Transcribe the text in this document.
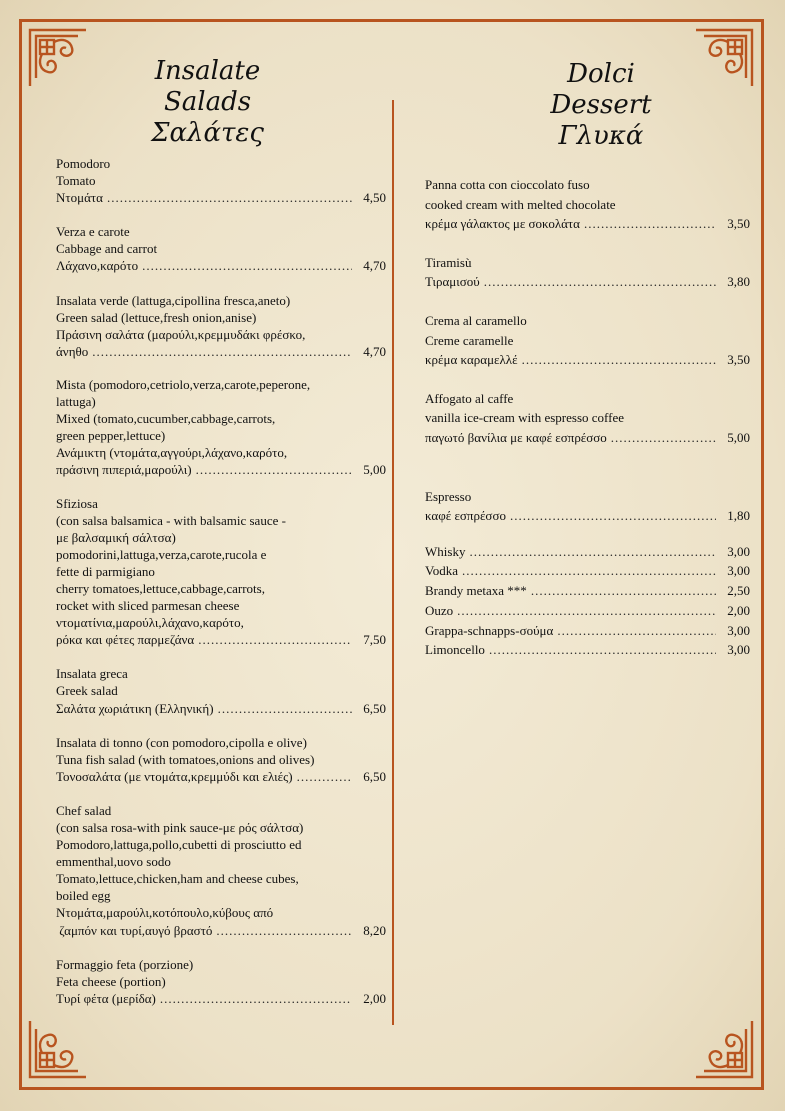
Insalate
Salads
Σαλάτες
Dolci
Dessert
Γλυκά
Pomodoro
Tomato
Ντομάτα .....	4,50
Verza e carote
Cabbage and carrot
Λάχανο,καρότο .....	4,70
Insalata verde (lattuga,cipollina fresca,aneto)
Green salad (lettuce,fresh onion,anise)
Πράσινη σαλάτα (μαρούλι,κρεμμυδάκι φρέσκο,
άνηθο .....	4,70
Mista (pomodoro,cetriolo,verza,carote,peperone,
lattuga)
Mixed (tomato,cucumber,cabbage,carrots,
green pepper,lettuce)
Ανάμικτη (ντομάτα,αγγούρι,λάχανο,καρότο,
πράσινη πιπεριά,μαρούλι) .....	5,00
Sfiziosa
(con salsa balsamica - with balsamic sauce -
με βαλσαμική σάλτσα)
pomodorini,lattuga,verza,carote,rucola e
fette di parmigiano
cherry tomatoes,lettuce,cabbage,carrots,
rocket with sliced parmesan cheese
ντοματίνια,μαρούλι,λάχανο,καρότο,
ρόκα και φέτες παρμεζάνα .....	7,50
Insalata greca
Greek salad
Σαλάτα χωριάτικη (Ελληνική) .....	6,50
Insalata di tonno (con pomodoro,cipolla e olive)
Tuna fish salad (with tomatoes,onions and olives)
Τονοσαλάτα (με ντομάτα,κρεμμύδι και ελιές) .....	6,50
Chef salad
(con salsa rosa-with pink sauce-με ρός σάλτσα)
Pomodoro,lattuga,pollo,cubetti di prosciutto ed
emmenthal,uovo sodo
Tomato,lettuce,chicken,ham and cheese cubes,
boiled egg
Ντομάτα,μαρούλι,κοτόπουλο,κύβους από
ζαμπόν και τυρί,αυγό βραστό .....	8,20
Formaggio feta (porzione)
Feta cheese (portion)
Τυρί φέτα (μερίδα) .....	2,00
Panna cotta con cioccolato fuso
cooked cream with melted chocolate
κρέμα γάλακτος με σοκολάτα .....	3,50
Tiramisù
Τιραμισού .....	3,80
Crema al caramello
Creme caramelle
κρέμα καραμελλέ .....	3,50
Affogato al caffe
vanilla ice-cream with espresso coffee
παγωτό βανίλια με καφέ εσπρέσσο .....	5,00
Espresso
καφέ εσπρέσσο .....	1,80
Whisky .....	3,00
Vodka .....	3,00
Brandy metaxa *** .....	2,50
Ouzo .....	2,00
Grappa-schnapps-σούμα .....	3,00
Limoncello .....	3,00
